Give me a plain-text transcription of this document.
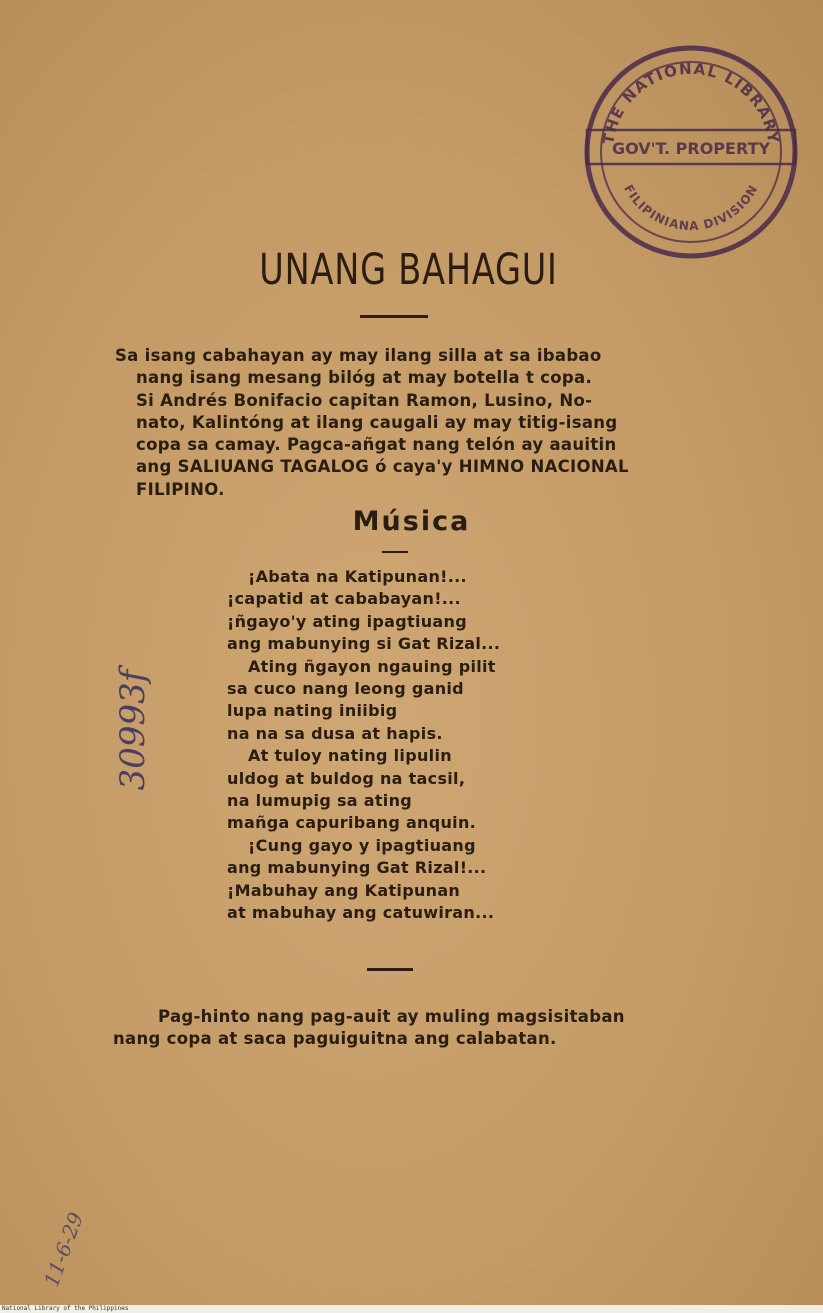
UNANG BAHAGUI
Sa isang cabahayan ay may ilang silla at sa ibabao
nang isang mesang bilóg at may botella t copa.
Si Andrés Bonifacio capitan Ramon, Lusino, No-
nato, Kalintóng at ilang caugali ay may titig-isang
copa sa camay. Pagca-añgat nang telón ay aauitin
ang SALIUANG TAGALOG ó caya'y HIMNO NACIONAL
FILIPINO.
Música
¡Abata na Katipunan!...
¡capatid at cababayan!...
¡ñgayo'y ating ipagtiuang
ang mabunying si Gat Rizal...
Ating ñgayon ngauing pilit
sa cuco nang leong ganid
lupa nating iniibig
na na sa dusa at hapis.
At tuloy nating lipulin
uldog at buldog na tacsil,
na lumupig sa ating
mañga capuribang anquin.
¡Cung gayo y ipagtiuang
ang mabunying Gat Rizal!...
¡Mabuhay ang Katipunan
at mabuhay ang catuwiran...
Pag-hinto nang pag-auit ay muling magsisitaban
nang copa at saca paguiguitna ang calabatan.
THE NATIONAL LIBRARY
GOV'T. PROPERTY
FILIPINIANA DIVISION
30993f
11-6-29
National Library of the Philippines
